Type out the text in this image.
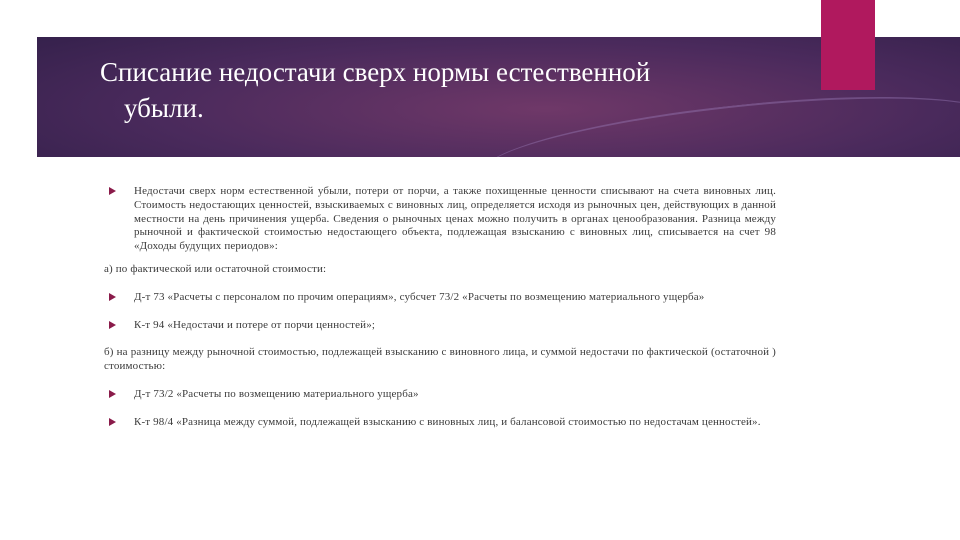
Списание недостачи сверх нормы естественной
убыли.
Недостачи сверх норм естественной убыли, потери от порчи, а также похищенные ценности списывают на счета виновных лиц. Стоимость недостающих ценностей, взыскиваемых с виновных лиц, определяется исходя из рыночных цен, действующих в данной местности на день причинения ущерба. Сведения о рыночных ценах можно получить в органах ценообразования. Разница между рыночной и фактической стоимостью недостающего объекта, подлежащая взысканию с виновных лиц, списывается на счет 98 «Доходы будущих периодов»:
а) по фактической или остаточной стоимости:
Д-т 73 «Расчеты с персоналом по прочим операциям», субсчет 73/2 «Расчеты по возмещению материального ущерба»
К-т 94 «Недостачи и потере от порчи ценностей»;
б) на разницу между рыночной стоимостью, подлежащей взысканию с виновного лица, и суммой недостачи по фактической (остаточной ) стоимостью:
Д-т 73/2 «Расчеты по возмещению материального ущерба»
К-т 98/4 «Разница между суммой, подлежащей взысканию с виновных лиц, и балансовой стоимостью по недостачам ценностей».
